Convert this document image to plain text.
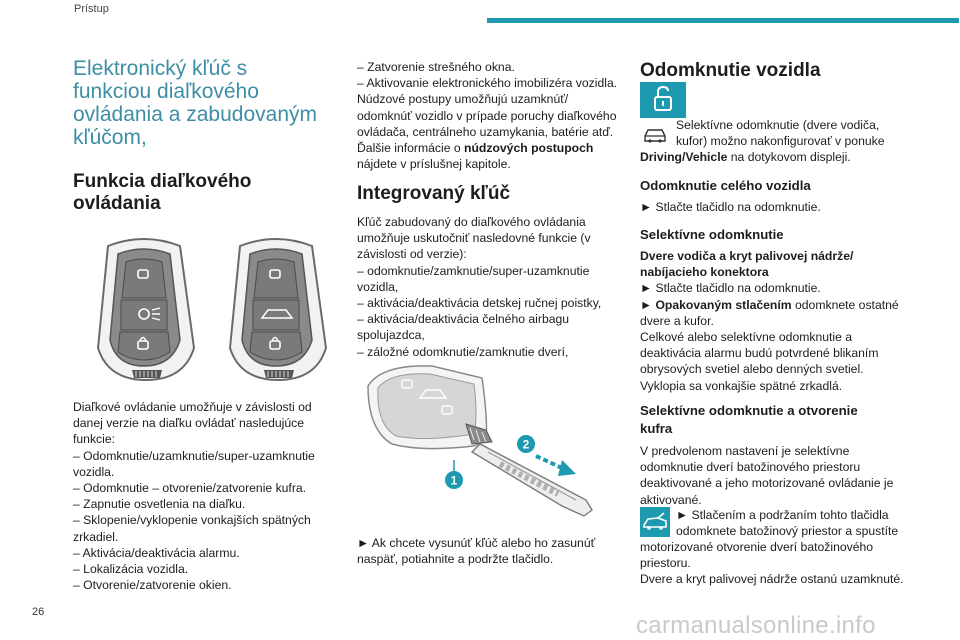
Prístup
Elektronický kľúč s
funkciou diaľkového
ovládania a zabudovaným
kľúčom,
Funkcia diaľkového
ovládania

Diaľkové ovládanie umožňuje v závislosti od

danej verzie na diaľku ovládať nasledujúce

funkcie:

– Odomknutie/uzamknutie/super-uzamknutie

vozidla.

– Odomknutie – otvorenie/zatvorenie kufra.

– Zapnutie osvetlenia na diaľku.

– Sklopenie/vyklopenie vonkajších spätných

zrkadiel.

– Aktivácia/deaktivácia alarmu.

– Lokalizácia vozidla.

– Otvorenie/zatvorenie okien.

– Zatvorenie strešného okna.

– Aktivovanie elektronického imobilizéra vozidla.

Núdzové postupy umožňujú uzamknúť/

odomknúť vozidlo v prípade poruchy diaľkového

ovládača, centrálneho uzamykania, batérie atď.

Ďalšie informácie o núdzových postupoch

nájdete v príslušnej kapitole.

Integrovaný kľúč

Kľúč zabudovaný do diaľkového ovládania

umožňuje uskutočniť nasledovné funkcie (v

závislosti od verzie):

– odomknutie/zamknutie/super-uzamknutie

vozidla,

– aktivácia/deaktivácia detskej ručnej poistky,

– aktivácia/deaktivácia čelného airbagu

spolujazdca,

– záložné odomknutie/zamknutie dverí,

1
2

► Ak chcete vysunúť kľúč alebo ho zasunúť

naspäť, potiahnite a podržte tlačidlo.

Odomknutie vozidla

Selektívne odomknutie (dvere vodiča,

kufor) možno nakonfigurovať v ponuke

Driving/Vehicle na dotykovom displeji.

Odomknutie celého vozidla

► Stlačte tlačidlo na odomknutie.

Selektívne odomknutie

Dvere vodiča a kryt palivovej nádrže/

nabíjacieho konektora

► Stlačte tlačidlo na odomknutie.

► Opakovaným stlačením odomknete ostatné

dvere a kufor.

Celkové alebo selektívne odomknutie a

deaktivácia alarmu budú potvrdené blikaním

obrysových svetiel alebo denných svetiel.

Vyklopia sa vonkajšie spätné zrkadlá.

Selektívne odomknutie a otvorenie
kufra

V predvolenom nastavení je selektívne

odomknutie dverí batožinového priestoru

deaktivované a jeho motorizované ovládanie je

aktivované.

► Stlačením a podržaním tohto tlačidla

odomknete batožinový priestor a spustíte

motorizované otvorenie dverí batožinového

priestoru.

Dvere a kryt palivovej nádrže ostanú uzamknuté.

26	carmanualsonline.info
